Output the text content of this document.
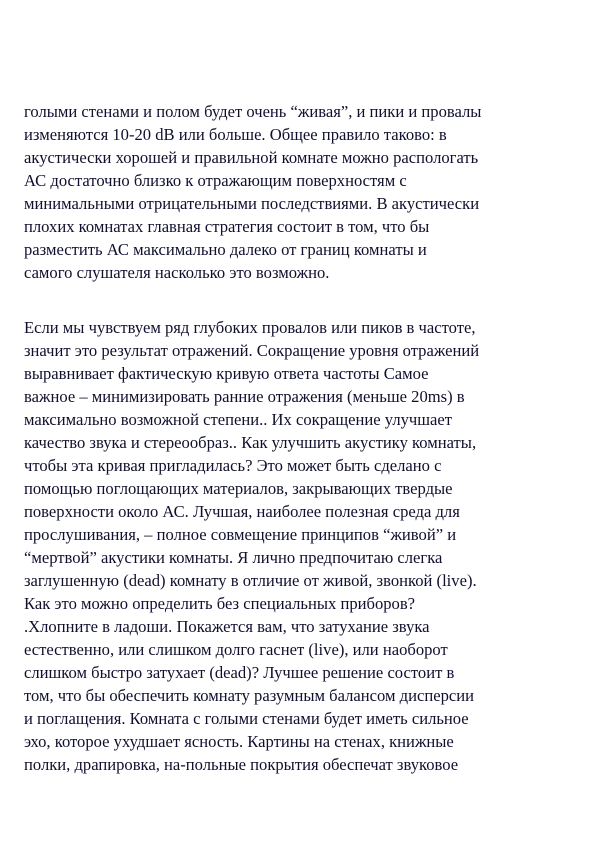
голыми стенами и полом будет очень “живая”, и пики и провалы
изменяются 10-20 dB или больше. Общее правило таково: в
акустически хорошей и правильной комнате можно распологать
АС достаточно близко к отражающим поверхностям с
минимальными отрицательными последствиями. В акустически
плохих комнатах главная стратегия состоит в том, что бы
разместить АС максимально далеко от границ комнаты и
самого слушателя насколько это возможно.
Если мы чувствуем ряд глубоких провалов или пиков в частоте,
значит это результат отражений. Сокращение уровня отражений
выравнивает фактическую кривую ответа частоты Самое
важное – минимизировать ранние отражения (меньше 20ms) в
максимально возможной степени.. Их сокращение улучшает
качество звука и стереообраз.. Как улучшить акустику комнаты,
чтобы эта кривая пригладилась? Это может быть сделано с
помощью поглощающих материалов, закрывающих твердые
поверхности около АС. Лучшая, наиболее полезная среда для
прослушивания, – полное совмещение принципов “живой” и
“мертвой” акустики комнаты. Я лично предпочитаю слегка
заглушенную (dead) комнату в отличие от живой, звонкой (live).
Как это можно определить без специальных приборов?
.Хлопните в ладоши. Покажется вам, что затухание звука
естественно, или слишком долго гаснет (live), или наоборот
слишком быстро затухает (dead)? Лучшее решение состоит в
том, что бы обеспечить комнату разумным балансом дисперсии
и поглащения. Комната с голыми стенами будет иметь сильное
эхо, которое ухудшает ясность. Картины на стенах, книжные
полки, драпировка, на-польные покрытия обеспечат звуковое
